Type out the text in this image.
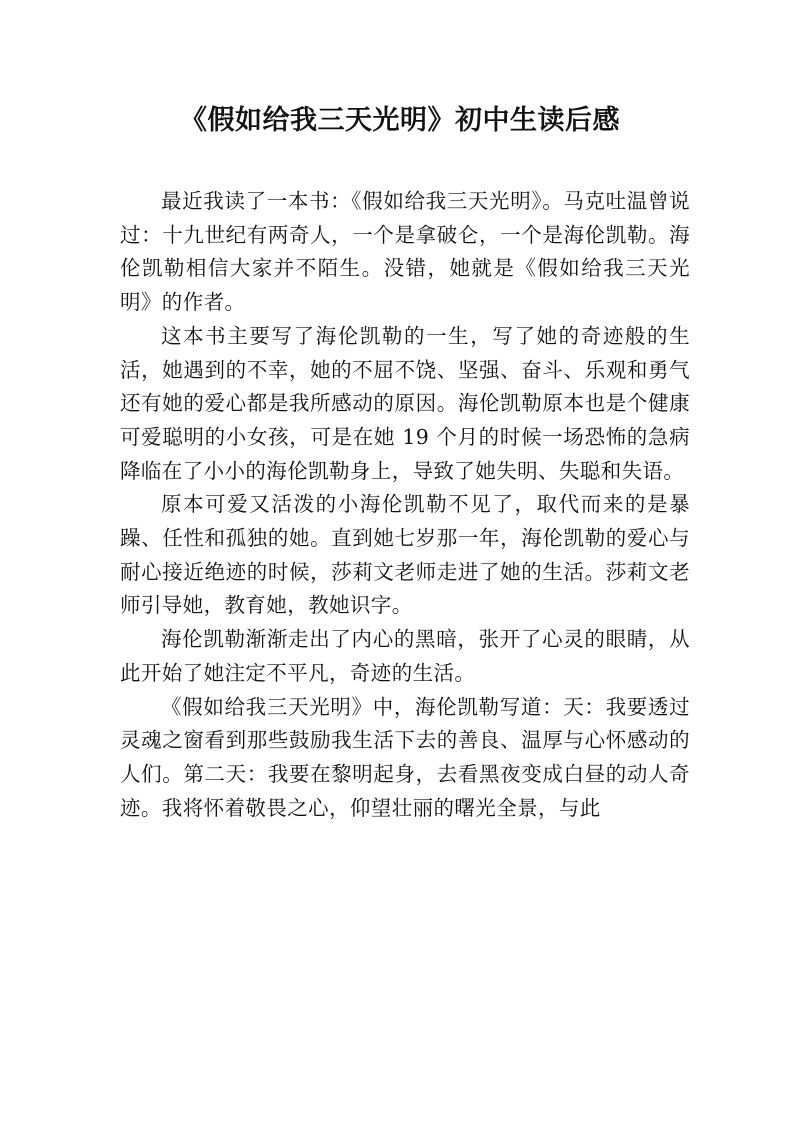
《假如给我三天光明》初中生读后感

最近我读了一本书：《假如给我三天光明》。马克吐温曾说过：十九世纪有两奇人，一个是拿破仑，一个是海伦凯勒。海伦凯勒相信大家并不陌生。没错，她就是《假如给我三天光明》的作者。

这本书主要写了海伦凯勒的一生，写了她的奇迹般的生活，她遇到的不幸，她的不屈不饶、坚强、奋斗、乐观和勇气还有她的爱心都是我所感动的原因。海伦凯勒原本也是个健康可爱聪明的小女孩，可是在她 19 个月的时候一场恐怖的急病降临在了小小的海伦凯勒身上，导致了她失明、失聪和失语。

原本可爱又活泼的小海伦凯勒不见了，取代而来的是暴躁、任性和孤独的她。直到她七岁那一年，海伦凯勒的爱心与耐心接近绝迹的时候，莎莉文老师走进了她的生活。莎莉文老师引导她，教育她，教她识字。

海伦凯勒渐渐走出了内心的黑暗，张开了心灵的眼睛，从此开始了她注定不平凡，奇迹的生活。

《假如给我三天光明》中，海伦凯勒写道：天：我要透过灵魂之窗看到那些鼓励我生活下去的善良、温厚与心怀感动的人们。第二天：我要在黎明起身，去看黑夜变成白昼的动人奇迹。我将怀着敬畏之心，仰望壮丽的曙光全景，与此
